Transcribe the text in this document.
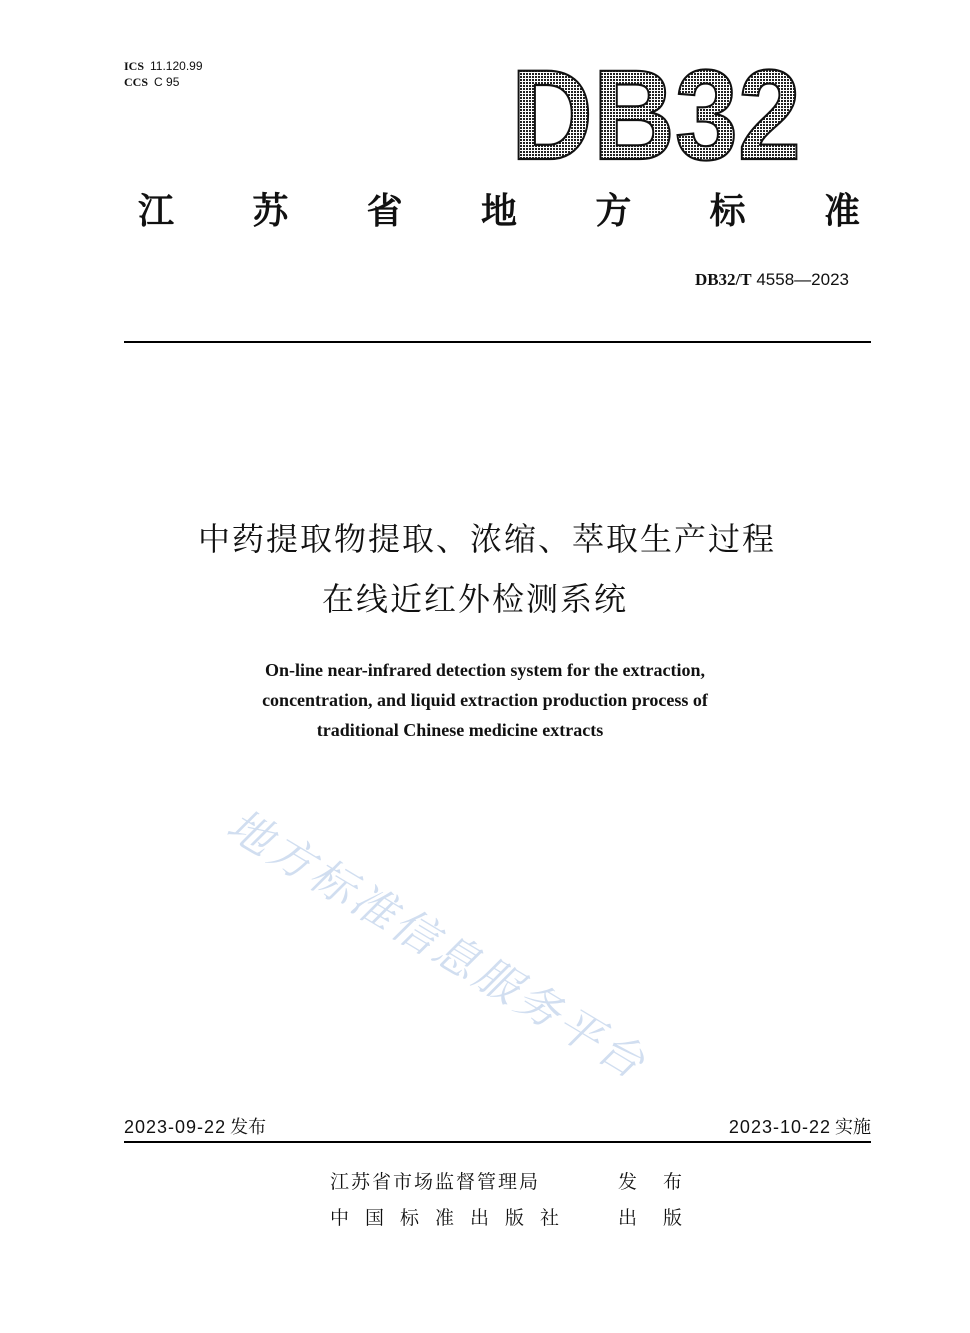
ICS 11.120.99
CCS C 95	DB32
江 苏 省 地 方 标 准
DB32/T 4558—2023
中药提取物提取、浓缩、萃取生产过程
在线近红外检测系统
On-line near-infrared detection system for the extraction,
concentration, and liquid extraction production process of
traditional Chinese medicine extracts
地方标准信息服务平台
2023-09-22 发布	2023-10-22 实施
江苏省市场监督管理局	发布
中国标准出版社 出版
